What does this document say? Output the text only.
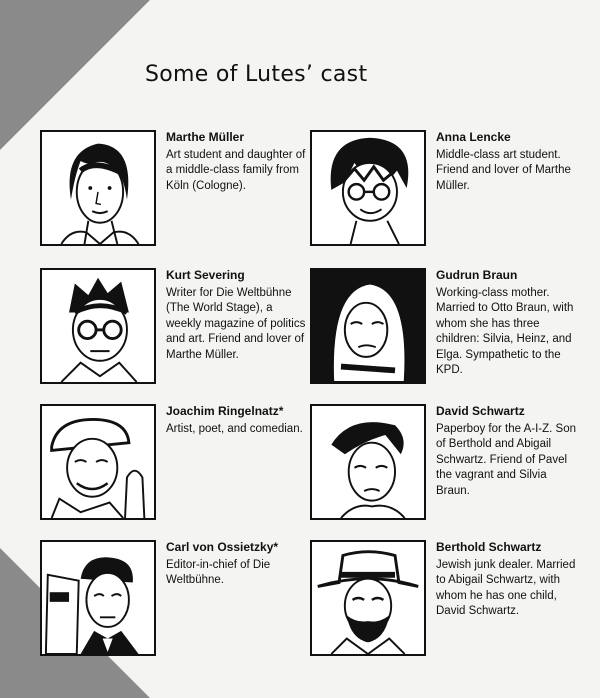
Some of Lutes’ cast
Marthe Müller
Art student and daughter of a middle-class family from Köln (Cologne).
Anna Lencke
Middle-class art student. Friend and lover of Marthe Müller.
Kurt Severing
Writer for Die Weltbühne (The World Stage), a weekly magazine of politics and art. Friend and lover of Marthe Müller.
Gudrun Braun
Working-class mother. Married to Otto Braun, with whom she has three children: Silvia, Heinz, and Elga. Sympathetic to the KPD.
Joachim Ringelnatz*
Artist, poet, and comedian.
David Schwartz
Paperboy for the A-I-Z. Son of Berthold and Abigail Schwartz. Friend of Pavel the vagrant and Silvia Braun.
Carl von Ossietzky*
Editor-in-chief of Die Weltbühne.
Berthold Schwartz
Jewish junk dealer. Married to Abigail Schwartz, with whom he has one child, David Schwartz.
